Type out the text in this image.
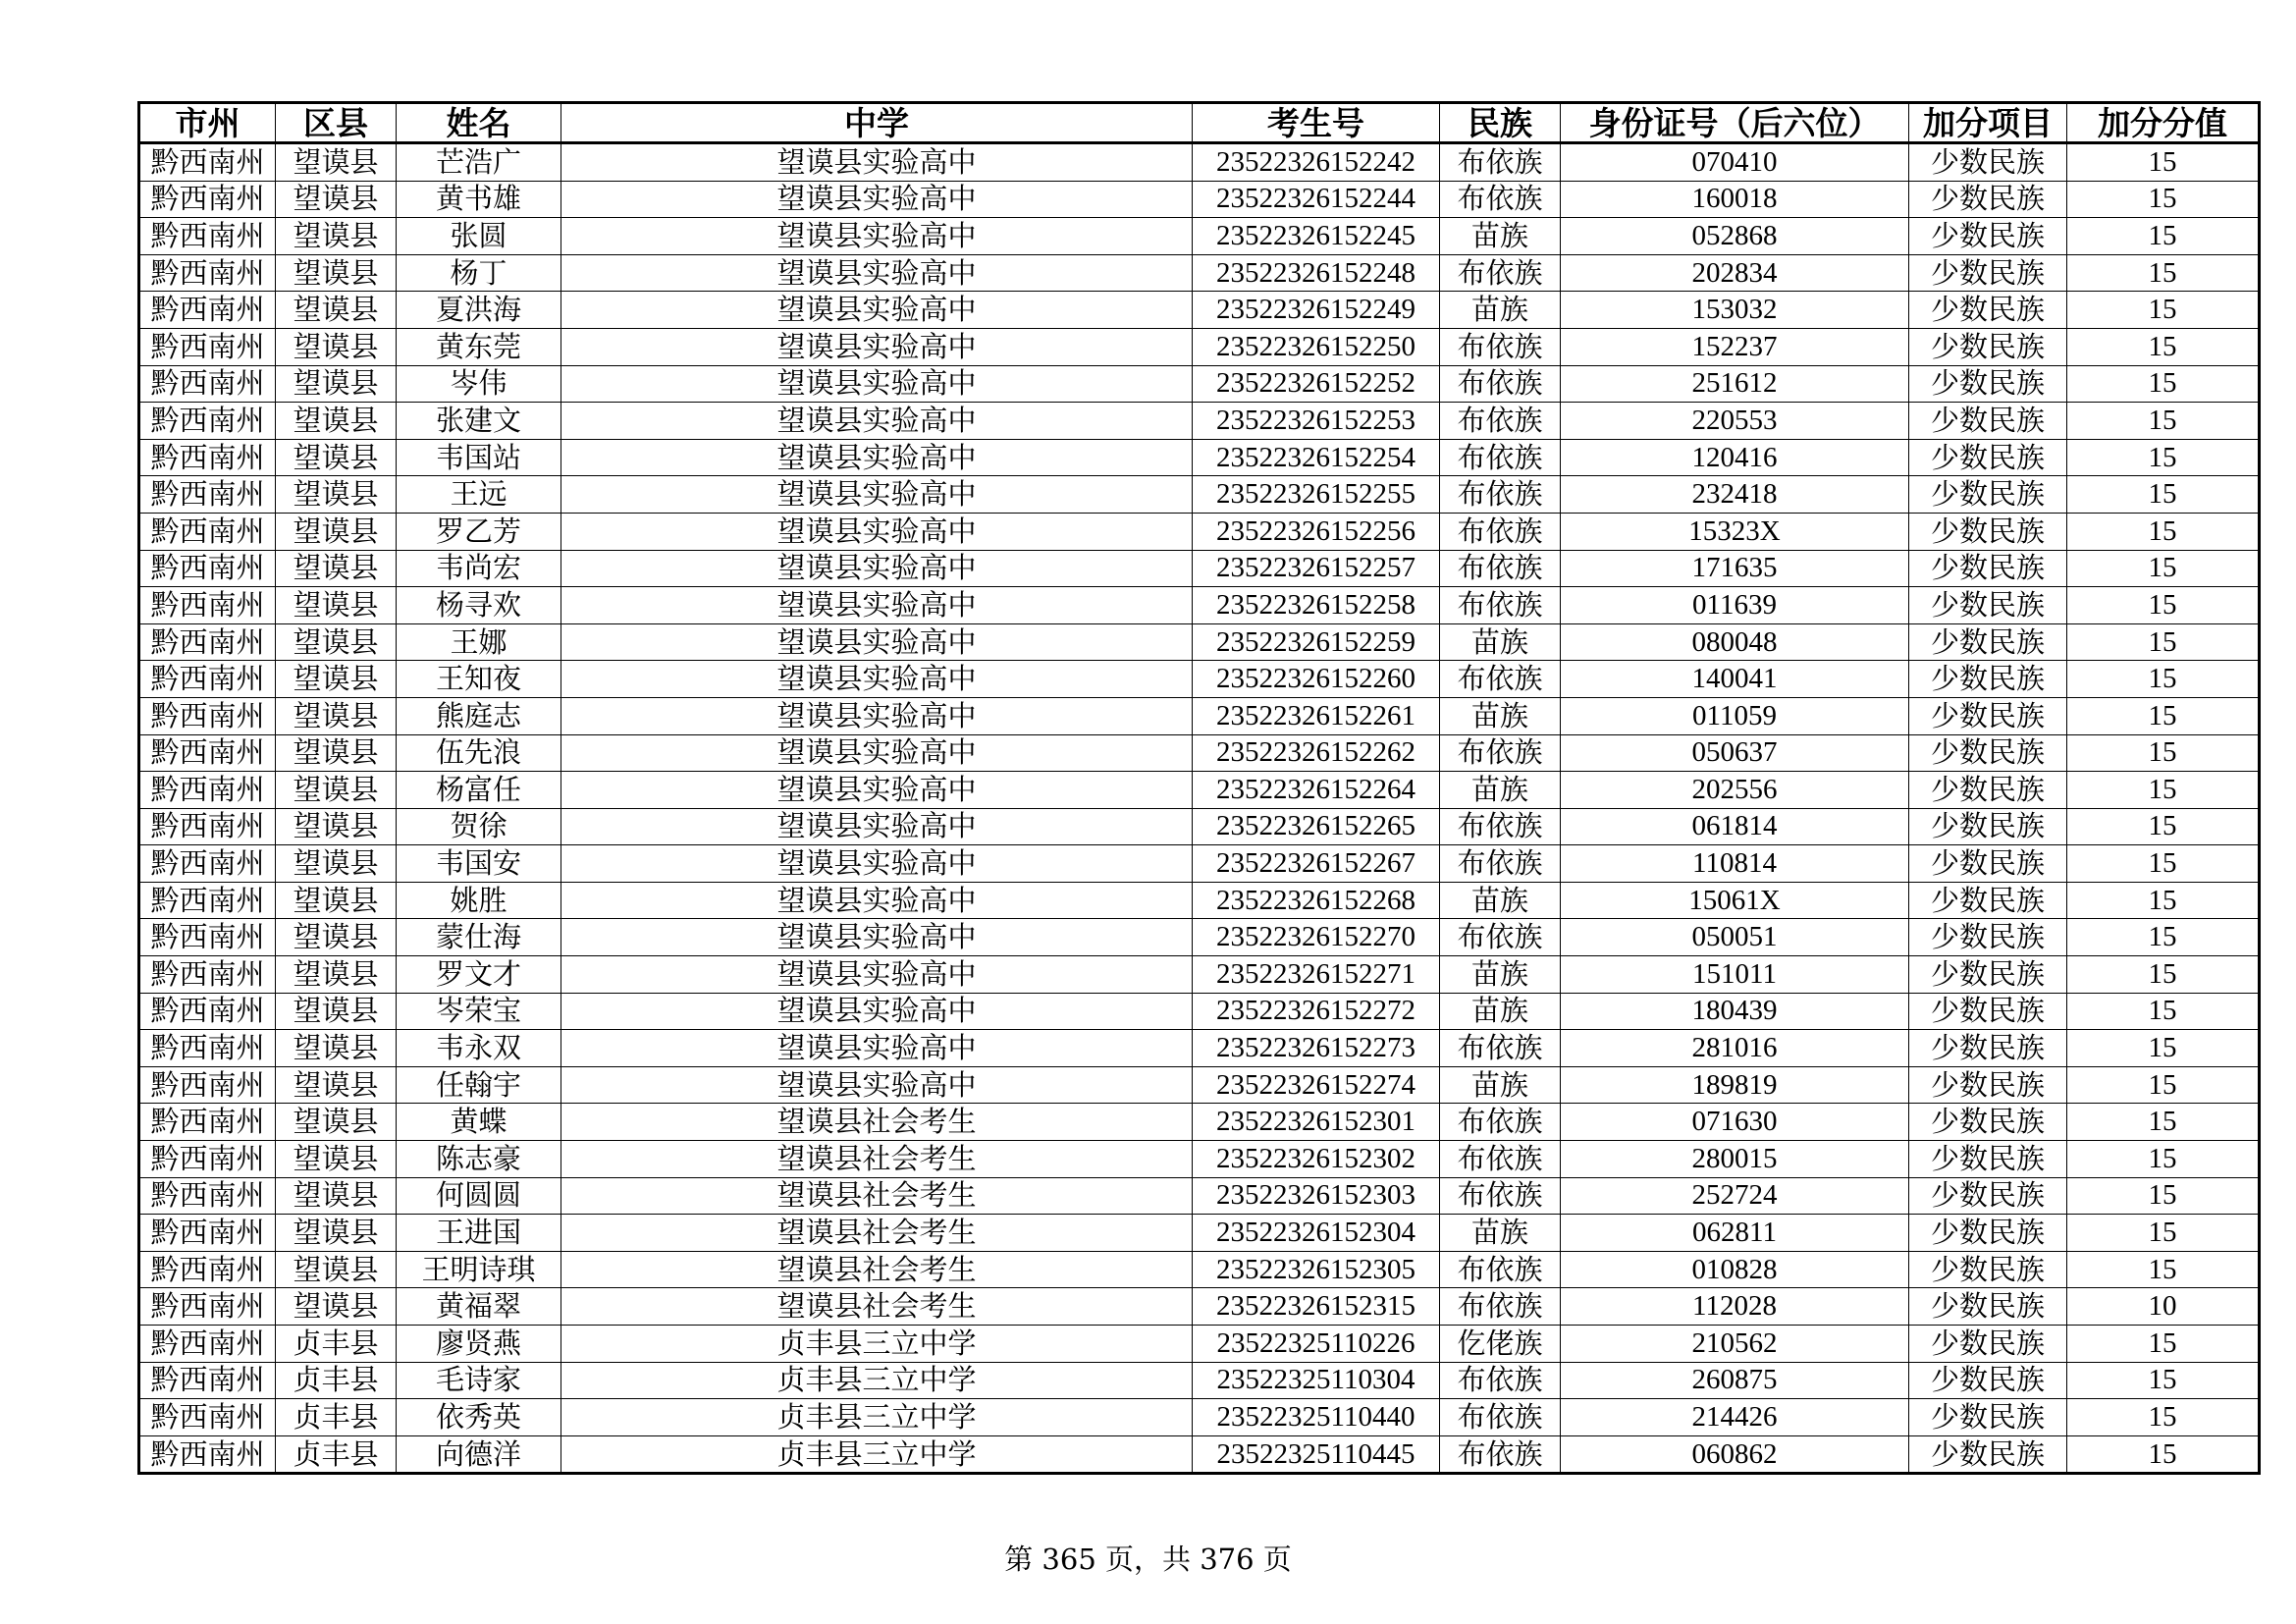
市州	区县	姓名	中学	考生号	民族	身份证号（后六位）	加分项目	加分分值
黔西南州	望谟县	芒浩广	望谟县实验高中	23522326152242	布依族	070410	少数民族	15
黔西南州	望谟县	黄书雄	望谟县实验高中	23522326152244	布依族	160018	少数民族	15
黔西南州	望谟县	张圆	望谟县实验高中	23522326152245	苗族	052868	少数民族	15
黔西南州	望谟县	杨丁	望谟县实验高中	23522326152248	布依族	202834	少数民族	15
黔西南州	望谟县	夏洪海	望谟县实验高中	23522326152249	苗族	153032	少数民族	15
黔西南州	望谟县	黄东莞	望谟县实验高中	23522326152250	布依族	152237	少数民族	15
黔西南州	望谟县	岑伟	望谟县实验高中	23522326152252	布依族	251612	少数民族	15
黔西南州	望谟县	张建文	望谟县实验高中	23522326152253	布依族	220553	少数民族	15
黔西南州	望谟县	韦国站	望谟县实验高中	23522326152254	布依族	120416	少数民族	15
黔西南州	望谟县	王远	望谟县实验高中	23522326152255	布依族	232418	少数民族	15
黔西南州	望谟县	罗乙芳	望谟县实验高中	23522326152256	布依族	15323X	少数民族	15
黔西南州	望谟县	韦尚宏	望谟县实验高中	23522326152257	布依族	171635	少数民族	15
黔西南州	望谟县	杨寻欢	望谟县实验高中	23522326152258	布依族	011639	少数民族	15
黔西南州	望谟县	王娜	望谟县实验高中	23522326152259	苗族	080048	少数民族	15
黔西南州	望谟县	王知夜	望谟县实验高中	23522326152260	布依族	140041	少数民族	15
黔西南州	望谟县	熊庭志	望谟县实验高中	23522326152261	苗族	011059	少数民族	15
黔西南州	望谟县	伍先浪	望谟县实验高中	23522326152262	布依族	050637	少数民族	15
黔西南州	望谟县	杨富任	望谟县实验高中	23522326152264	苗族	202556	少数民族	15
黔西南州	望谟县	贺徐	望谟县实验高中	23522326152265	布依族	061814	少数民族	15
黔西南州	望谟县	韦国安	望谟县实验高中	23522326152267	布依族	110814	少数民族	15
黔西南州	望谟县	姚胜	望谟县实验高中	23522326152268	苗族	15061X	少数民族	15
黔西南州	望谟县	蒙仕海	望谟县实验高中	23522326152270	布依族	050051	少数民族	15
黔西南州	望谟县	罗文才	望谟县实验高中	23522326152271	苗族	151011	少数民族	15
黔西南州	望谟县	岑荣宝	望谟县实验高中	23522326152272	苗族	180439	少数民族	15
黔西南州	望谟县	韦永双	望谟县实验高中	23522326152273	布依族	281016	少数民族	15
黔西南州	望谟县	任翰宇	望谟县实验高中	23522326152274	苗族	189819	少数民族	15
黔西南州	望谟县	黄蝶	望谟县社会考生	23522326152301	布依族	071630	少数民族	15
黔西南州	望谟县	陈志豪	望谟县社会考生	23522326152302	布依族	280015	少数民族	15
黔西南州	望谟县	何圆圆	望谟县社会考生	23522326152303	布依族	252724	少数民族	15
黔西南州	望谟县	王进国	望谟县社会考生	23522326152304	苗族	062811	少数民族	15
黔西南州	望谟县	王明诗琪	望谟县社会考生	23522326152305	布依族	010828	少数民族	15
黔西南州	望谟县	黄福翠	望谟县社会考生	23522326152315	布依族	112028	少数民族	10
黔西南州	贞丰县	廖贤燕	贞丰县三立中学	23522325110226	仡佬族	210562	少数民族	15
黔西南州	贞丰县	毛诗家	贞丰县三立中学	23522325110304	布依族	260875	少数民族	15
黔西南州	贞丰县	依秀英	贞丰县三立中学	23522325110440	布依族	214426	少数民族	15
黔西南州	贞丰县	向德洋	贞丰县三立中学	23522325110445	布依族	060862	少数民族	15
第 365 页，共 376 页
